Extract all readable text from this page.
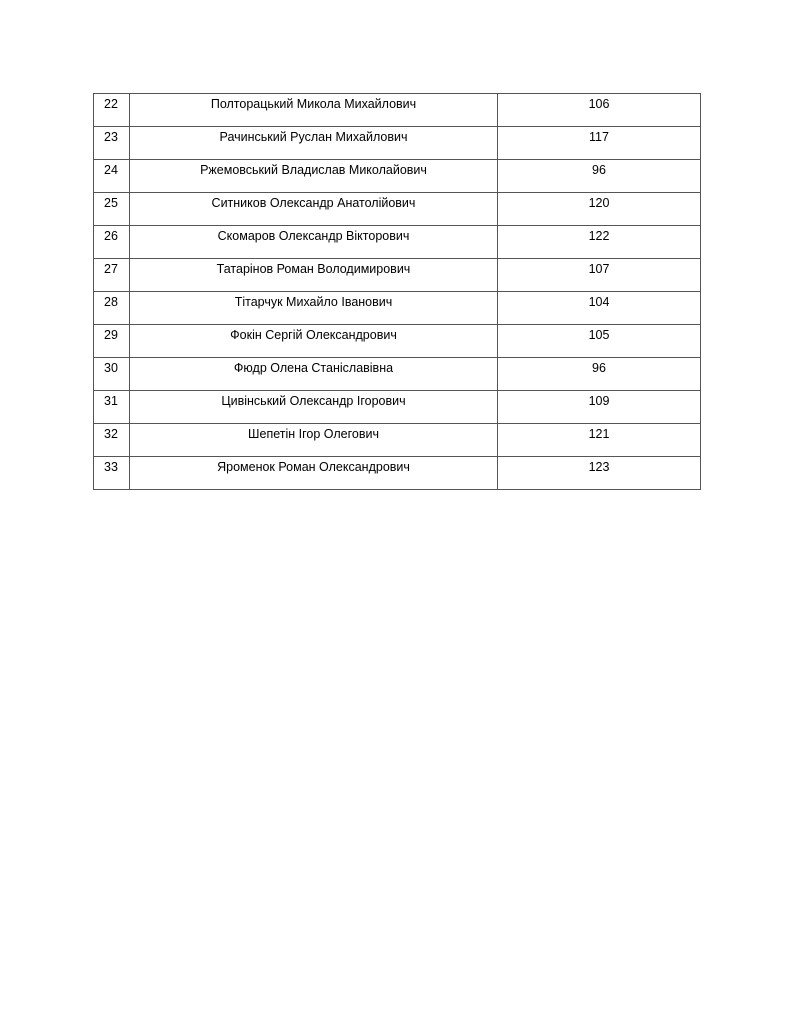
22	Полторацький Микола Михайлович	106
23	Рачинський Руслан Михайлович	117
24	Ржемовський Владислав Миколайович	96
25	Ситников Олександр Анатолійович	120
26	Скомаров Олександр Вікторович	122
27	Татарінов Роман Володимирович	107
28	Тітарчук Михайло Іванович	104
29	Фокін Сергій Олександрович	105
30	Фюдр Олена Станіславівна	96
31	Цивінський Олександр Ігорович	109
32	Шепетін Ігор Олегович	121
33	Яроменок Роман Олександрович	123
